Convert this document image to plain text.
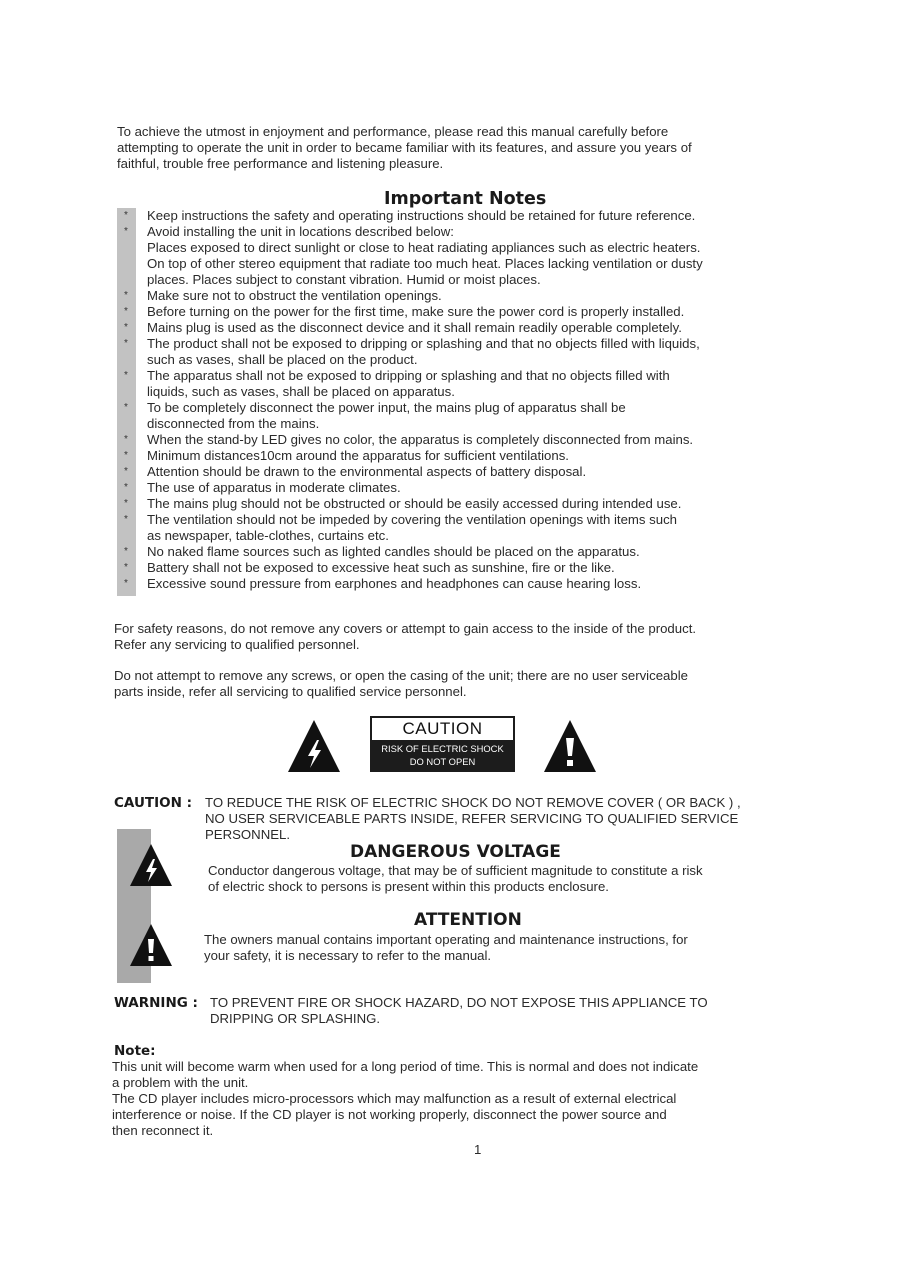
To achieve the utmost in enjoyment and performance, please read this manual carefully before
attempting to operate the unit in order to became familiar with its features, and assure you years of
faithful, trouble free performance and listening pleasure.
Important Notes
* Keep instructions the safety and operating instructions should be retained for future reference.
* Avoid installing the unit in locations described below:
Places exposed to direct sunlight or close to heat radiating appliances such as electric heaters.
On top of other stereo equipment that radiate too much heat. Places lacking ventilation or dusty
places. Places subject to constant vibration. Humid or moist places.
* Make sure not to obstruct the ventilation openings.
* Before turning on the power for the first time, make sure the power cord is properly installed.
* Mains plug is used as the disconnect device and it shall remain readily operable completely.
* The product shall not be exposed to dripping or splashing and that no objects filled with liquids,
such as vases, shall be placed on the product.
* The apparatus shall not be exposed to dripping or splashing and that no objects filled with
liquids, such as vases, shall be placed on apparatus.
* To be completely disconnect the power input, the mains plug of apparatus shall be
disconnected from the mains.
* When the stand-by LED gives no color, the apparatus is completely disconnected from mains.
* Minimum distances10cm around the apparatus for sufficient ventilations.
* Attention should be drawn to the environmental aspects of battery disposal.
* The use of apparatus in moderate climates.
* The mains plug should not be obstructed or should be easily accessed during intended use.
* The ventilation should not be impeded by covering the ventilation openings with items such
as newspaper, table-clothes, curtains etc.
* No naked flame sources such as lighted candles should be placed on the apparatus.
* Battery shall not be exposed to excessive heat such as sunshine, fire or the like.
* Excessive sound pressure from earphones and headphones can cause hearing loss.
For safety reasons, do not remove any covers or attempt to gain access to the inside of the product.
Refer any servicing to qualified personnel.
Do not attempt to remove any screws, or open the casing of the unit; there are no user serviceable
parts inside, refer all servicing to qualified service personnel.
CAUTION
RISK OF ELECTRIC SHOCK
DO NOT OPEN
CAUTION : TO REDUCE THE RISK OF ELECTRIC SHOCK DO NOT REMOVE COVER ( OR BACK ) ,
NO USER SERVICEABLE PARTS INSIDE, REFER SERVICING TO QUALIFIED SERVICE
PERSONNEL.
DANGEROUS VOLTAGE
Conductor dangerous voltage, that may be of sufficient magnitude to constitute a risk
of electric shock to persons is present within this products enclosure.
ATTENTION
The owners manual contains important operating and maintenance instructions, for
your safety, it is necessary to refer to the manual.
WARNING : TO PREVENT FIRE OR SHOCK HAZARD, DO NOT EXPOSE THIS APPLIANCE TO
DRIPPING OR SPLASHING.
Note:
This unit will become warm when used for a long period of time. This is normal and does not indicate
a problem with the unit.
The CD player includes micro-processors which may malfunction as a result of external electrical
interference or noise. If the CD player is not working properly, disconnect the power source and
then reconnect it.
1
